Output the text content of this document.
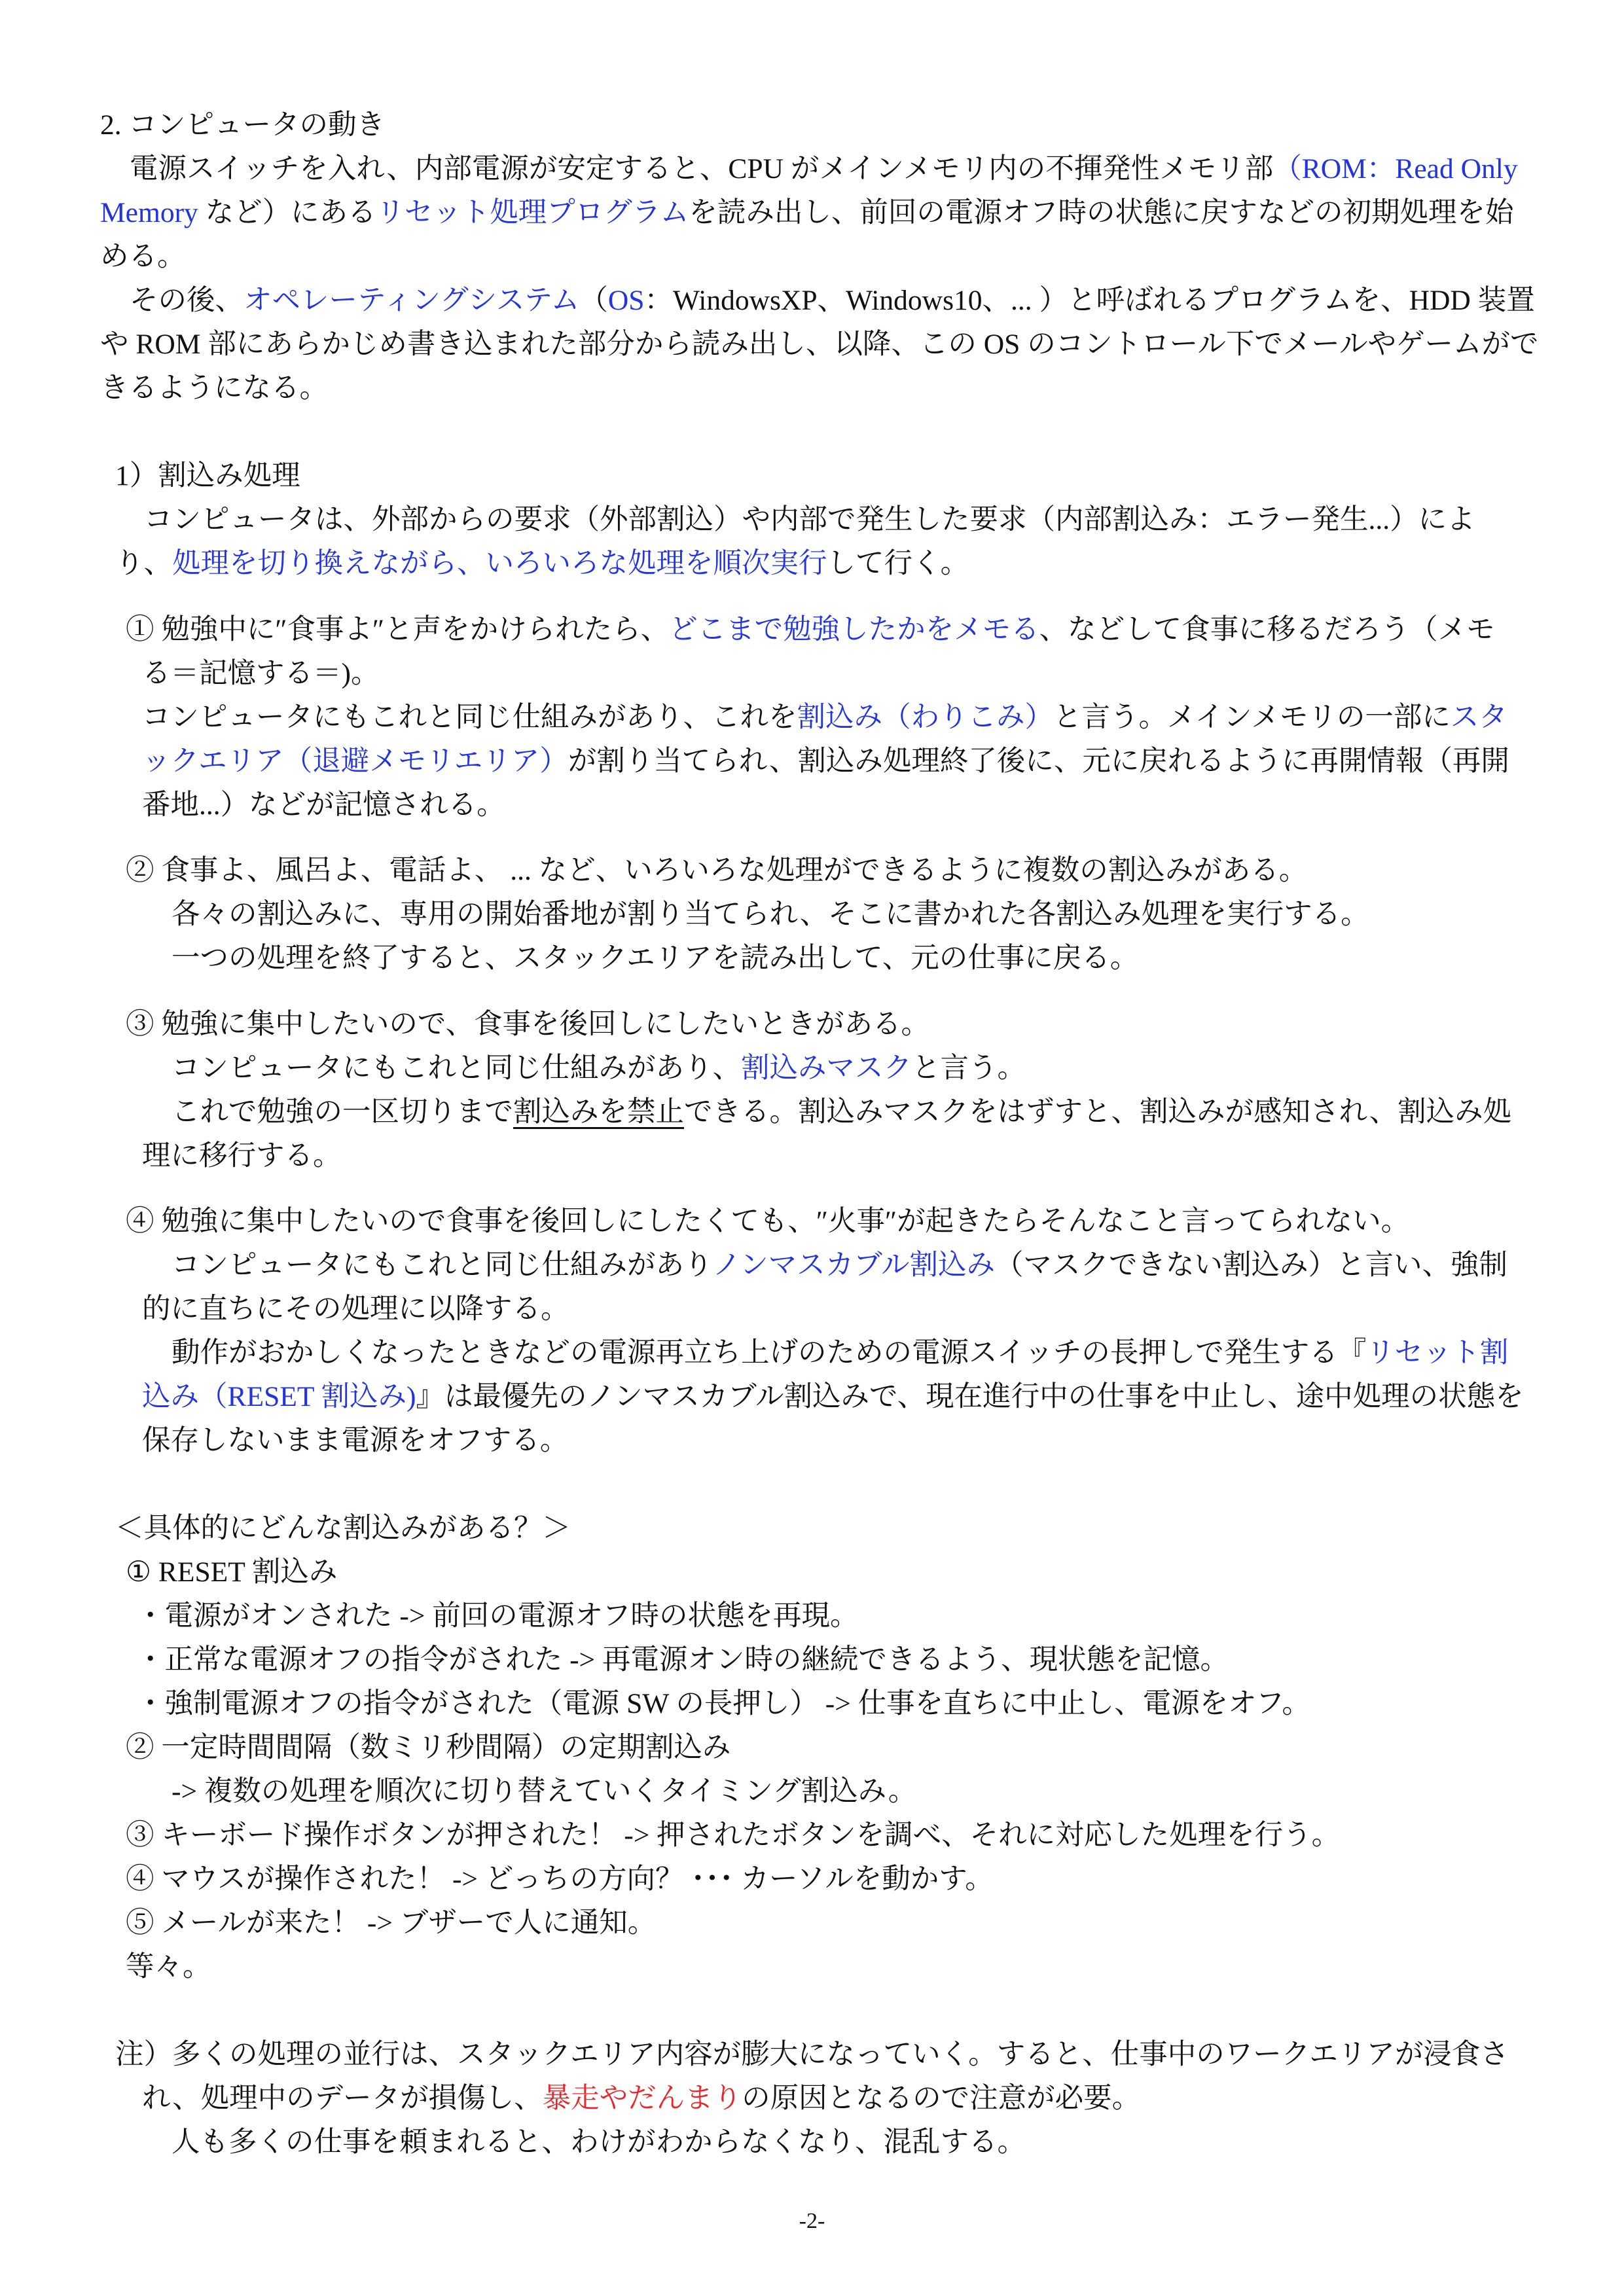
2. コンピュータの動き
電源スイッチを入れ、内部電源が安定すると、CPU がメインメモリ内の不揮発性メモリ部 （ROM：Read Only
Memory など）にある リセット処理プログラム を読み出し、前回の電源オフ時の状態に戻すなどの初期処理を始
める。
その後、 オペレーティングシステム （ OS ：WindowsXP、Windows10、... ）と呼ばれるプログラムを、HDD 装置
や ROM 部にあらかじめ書き込まれた部分から読み出し、以降、この OS のコントロール下でメールやゲームがで
きるようになる。
1）割込み処理
コンピュータは、外部からの要求（外部割込）や内部で発生した要求（内部割込み：エラー発生...）によ
り、 処理を切り換えながら、いろいろな処理を順次実行 して行く。
① 勉強中に″食事よ″と声をかけられたら、 どこまで勉強したかをメモる 、などして食事に移るだろう（メモ
る＝記憶する＝)。
コンピュータにもこれと同じ仕組みがあり、これを 割込み（わりこみ） と言う。メインメモリの一部に スタ
ックエリア（退避メモリエリア） が割り当てられ、割込み処理終了後に、元に戻れるように再開情報（再開
番地...）などが記憶される。
② 食事よ、風呂よ、電話よ、 ... など、いろいろな処理ができるように複数の割込みがある。
各々の割込みに、専用の開始番地が割り当てられ、そこに書かれた各割込み処理を実行する。
一つの処理を終了すると、スタックエリアを読み出して、元の仕事に戻る。
③ 勉強に集中したいので、食事を後回しにしたいときがある。
コンピュータにもこれと同じ仕組みがあり、 割込みマスク と言う。
これで勉強の一区切りまで 割込みを禁止 できる。割込みマスクをはずすと、割込みが感知され、割込み処
理に移行する。
④ 勉強に集中したいので食事を後回しにしたくても、″火事″が起きたらそんなこと言ってられない。
コンピュータにもこれと同じ仕組みがあり ノンマスカブル割込み （マスクできない割込み）と言い、強制
的に直ちにその処理に以降する。
動作がおかしくなったときなどの電源再立ち上げのための電源スイッチの長押しで発生する『 リセット割
込み（RESET 割込み) 』は最優先のノンマスカブル割込みで、現在進行中の仕事を中止し、途中処理の状態を
保存しないまま電源をオフする。
＜具体的にどんな割込みがある？＞
① RESET 割込み
・電源がオンされた -> 前回の電源オフ時の状態を再現。
・正常な電源オフの指令がされた -> 再電源オン時の継続できるよう、現状態を記憶。
・強制電源オフの指令がされた（電源 SW の長押し） -> 仕事を直ちに中止し、電源をオフ。
② 一定時間間隔（数ミリ秒間隔）の定期割込み
-> 複数の処理を順次に切り替えていくタイミング割込み。
③ キーボード操作ボタンが押された！ -> 押されたボタンを調べ、それに対応した処理を行う。
④ マウスが操作された！ -> どっちの方向？ ･･･ カーソルを動かす。
⑤ メールが来た！ -> ブザーで人に通知。
等々。
注）多くの処理の並行は、スタックエリア内容が膨大になっていく。すると、仕事中のワークエリアが浸食さ
れ、処理中のデータが損傷し、 暴走やだんまり の原因となるので注意が必要。
人も多くの仕事を頼まれると、わけがわからなくなり、混乱する。
-2-
